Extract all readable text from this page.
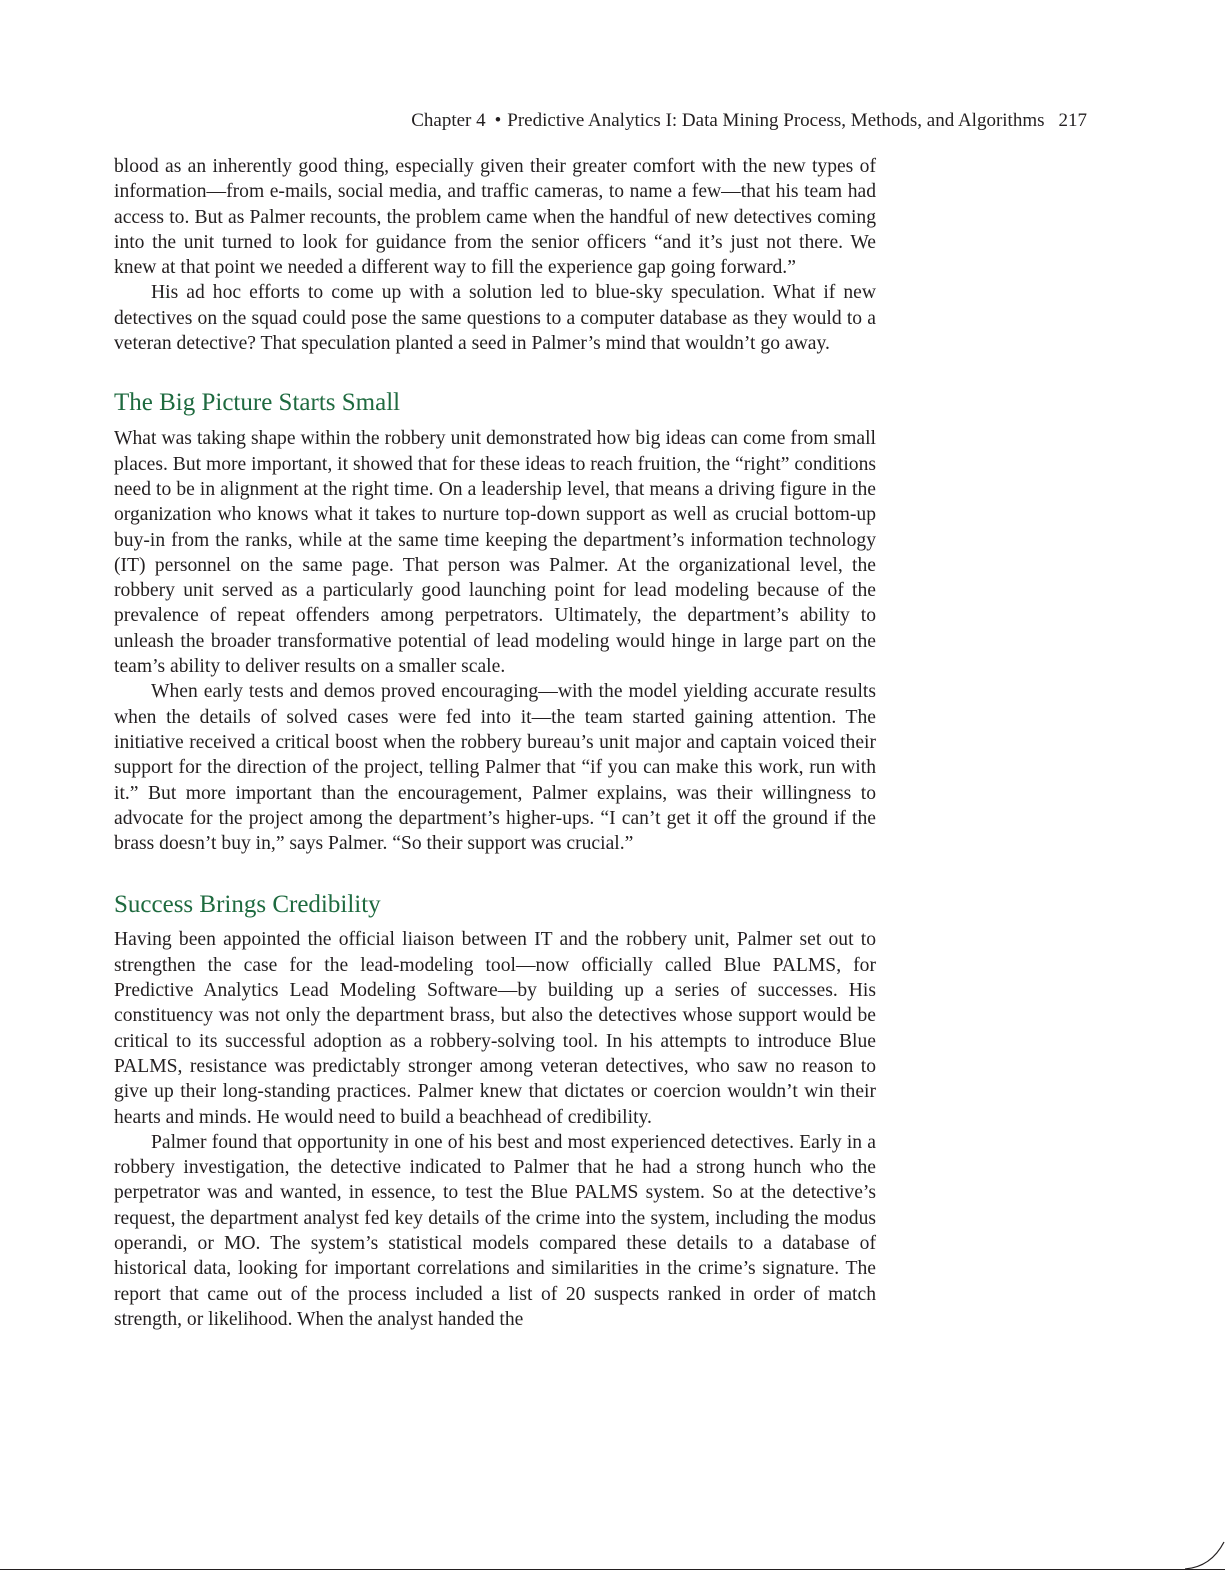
Chapter 4 • Predictive Analytics I: Data Mining Process, Methods, and Algorithms 217

blood as an inherently good thing, especially given their greater comfort with the new types of information—from e-mails, social media, and traffic cameras, to name a few—that his team had access to. But as Palmer recounts, the problem came when the handful of new detectives coming into the unit turned to look for guidance from the senior officers “and it’s just not there. We knew at that point we needed a different way to fill the experience gap going forward.”

His ad hoc efforts to come up with a solution led to blue-sky speculation. What if new detectives on the squad could pose the same questions to a computer database as they would to a veteran detective? That speculation planted a seed in Palmer’s mind that wouldn’t go away.

The Big Picture Starts Small

What was taking shape within the robbery unit demonstrated how big ideas can come from small places. But more important, it showed that for these ideas to reach fruition, the “right” conditions need to be in alignment at the right time. On a leadership level, that means a driving figure in the organization who knows what it takes to nurture top-down support as well as crucial bottom-up buy-in from the ranks, while at the same time keeping the department’s information technology (IT) personnel on the same page. That person was Palmer. At the organizational level, the robbery unit served as a particularly good launching point for lead modeling because of the prevalence of repeat offenders among perpetrators. Ultimately, the department’s ability to unleash the broader transformative potential of lead modeling would hinge in large part on the team’s ability to deliver results on a smaller scale.

When early tests and demos proved encouraging—with the model yielding accurate results when the details of solved cases were fed into it—the team started gaining attention. The initiative received a critical boost when the robbery bureau’s unit major and captain voiced their support for the direction of the project, telling Palmer that “if you can make this work, run with it.” But more important than the encouragement, Palmer explains, was their willingness to advocate for the project among the department’s higher-ups. “I can’t get it off the ground if the brass doesn’t buy in,” says Palmer. “So their support was crucial.”

Success Brings Credibility

Having been appointed the official liaison between IT and the robbery unit, Palmer set out to strengthen the case for the lead-modeling tool—now officially called Blue PALMS, for Predictive Analytics Lead Modeling Software—by building up a series of successes. His constituency was not only the department brass, but also the detectives whose support would be critical to its successful adoption as a robbery-solving tool. In his attempts to introduce Blue PALMS, resistance was predictably stronger among veteran detectives, who saw no reason to give up their long-standing practices. Palmer knew that dictates or coercion wouldn’t win their hearts and minds. He would need to build a beachhead of credibility.

Palmer found that opportunity in one of his best and most experienced detectives. Early in a robbery investigation, the detective indicated to Palmer that he had a strong hunch who the perpetrator was and wanted, in essence, to test the Blue PALMS system. So at the detective’s request, the department analyst fed key details of the crime into the system, including the modus operandi, or MO. The system’s statistical models compared these details to a database of historical data, looking for important correlations and similarities in the crime’s signature. The report that came out of the process included a list of 20 suspects ranked in order of match strength, or likelihood. When the analyst handed the
